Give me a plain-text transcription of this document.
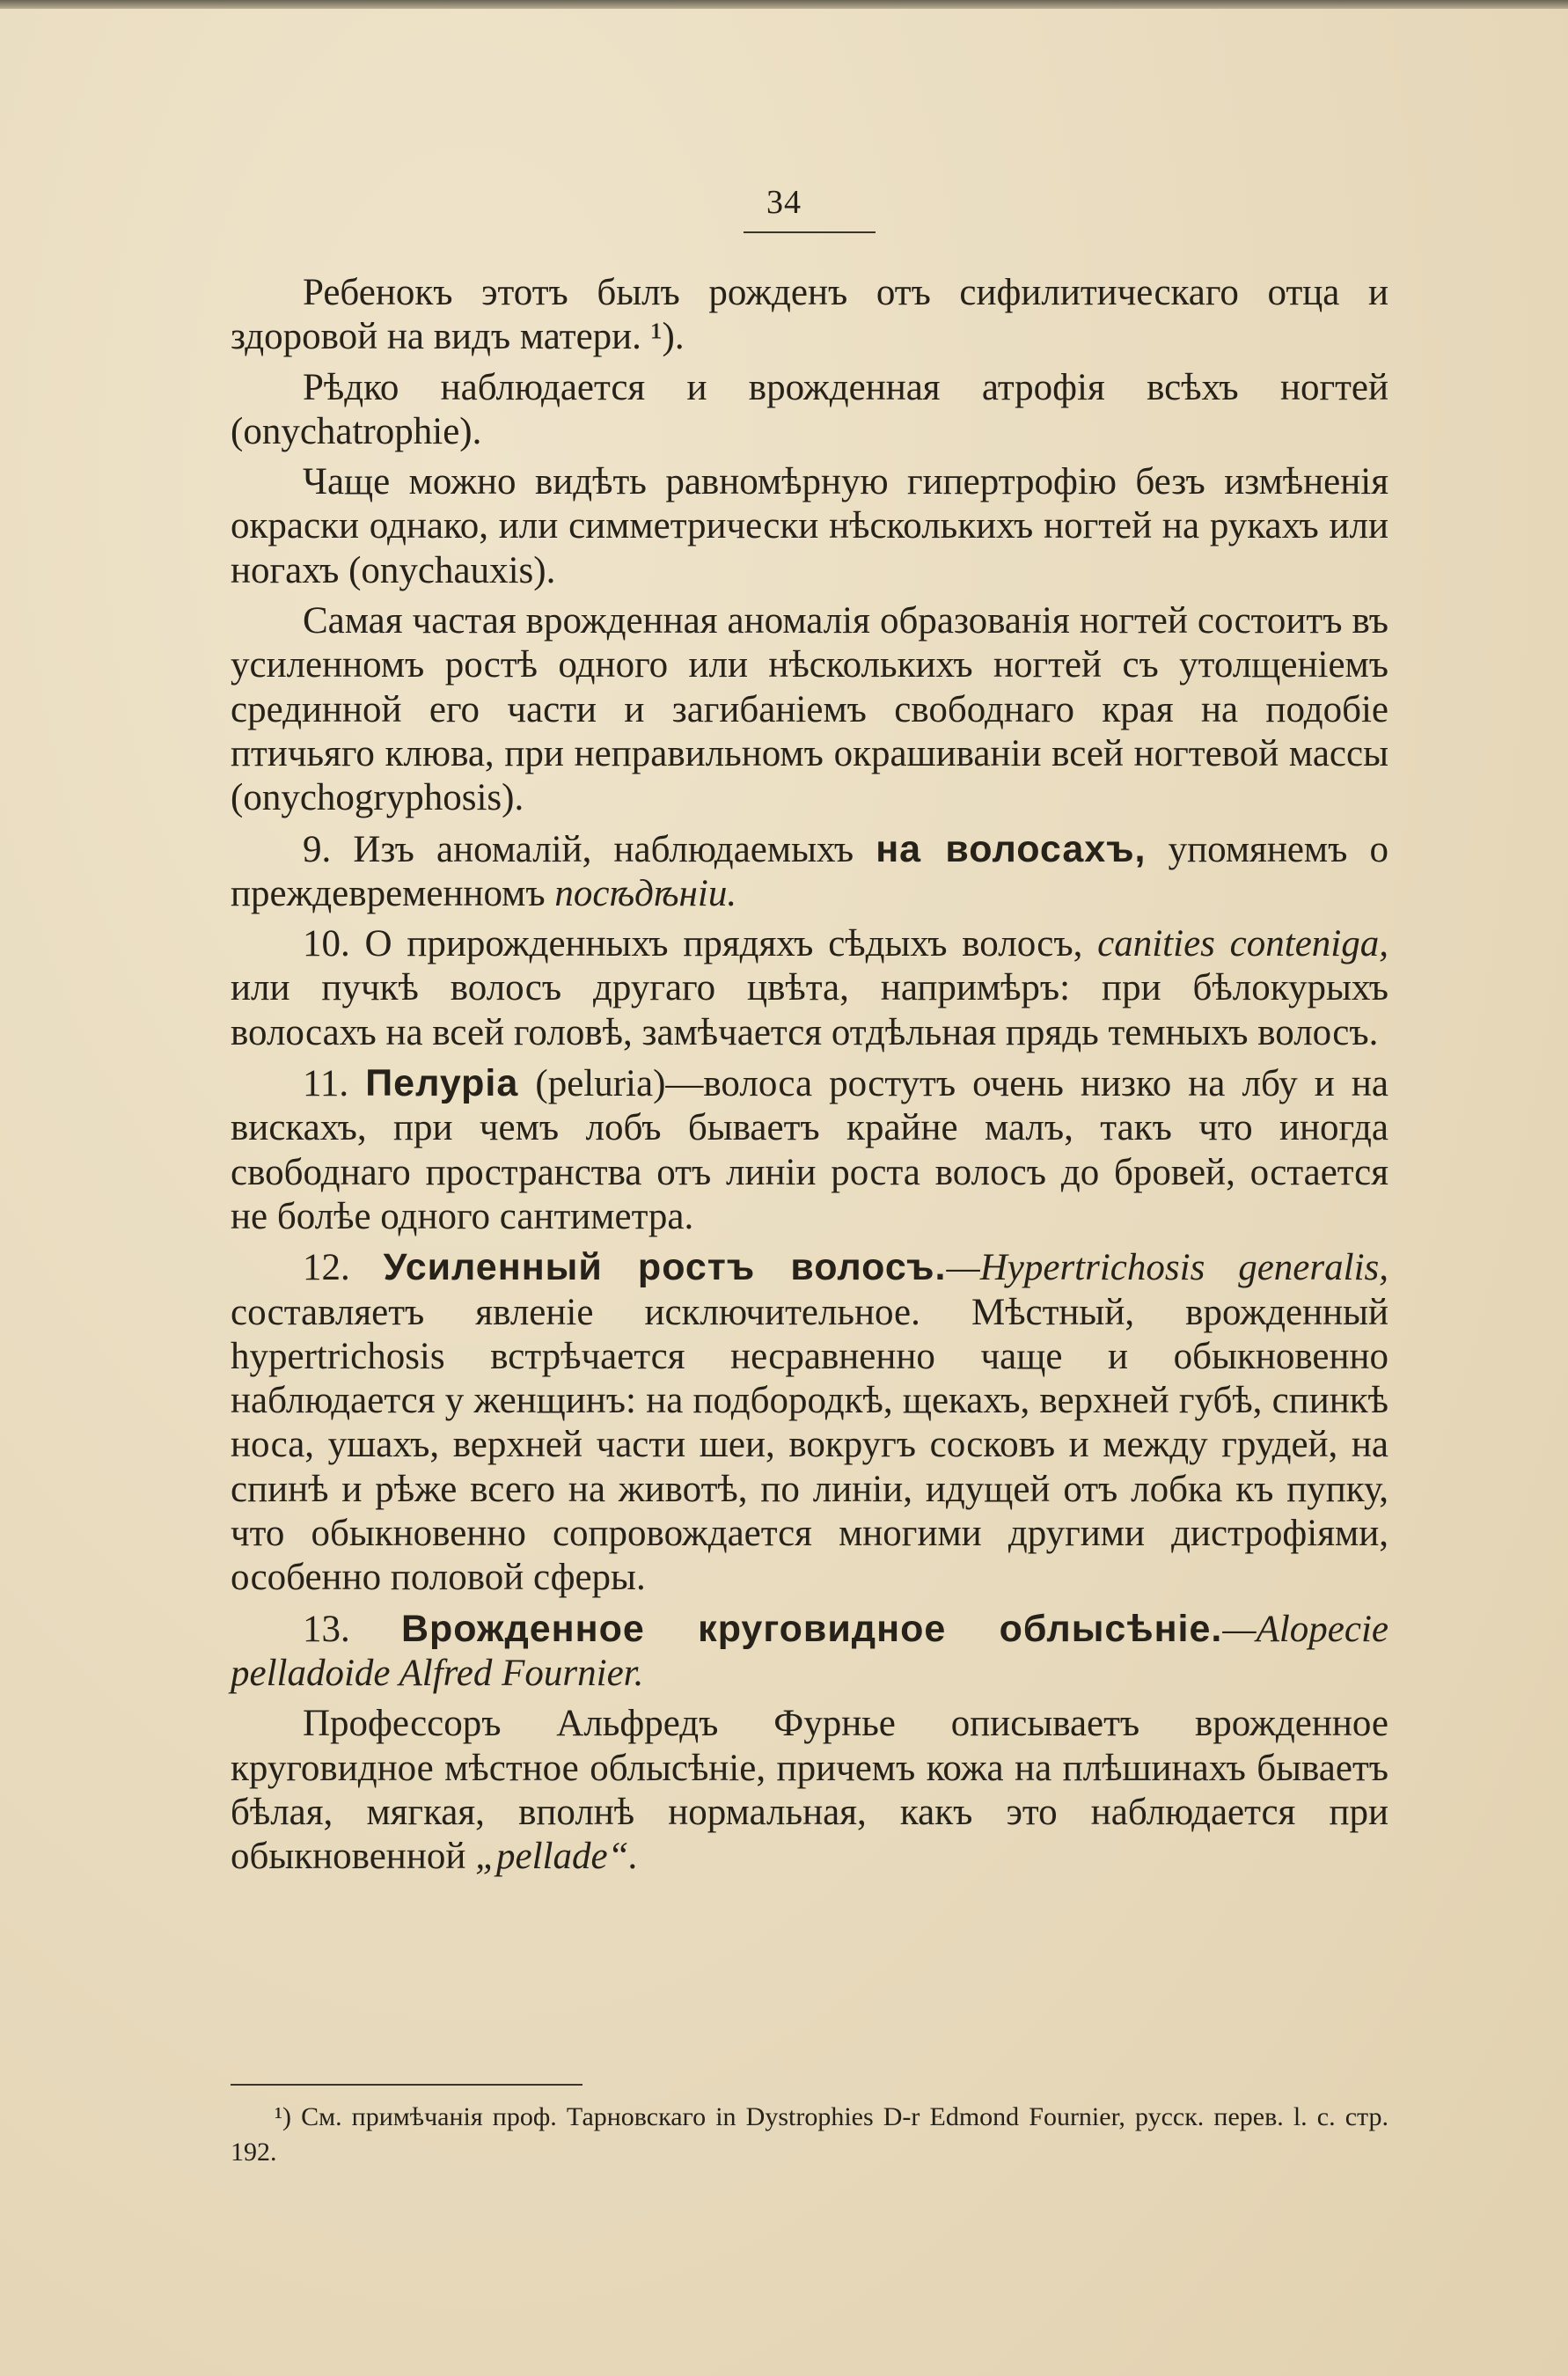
34

Ребенокъ этотъ былъ рожденъ отъ сифилитическаго отца и здоровой на видъ матери. ¹).

Рѣдко наблюдается и врожденная атрофія всѣхъ ногтей (onychatrophie).

Чаще можно видѣть равномѣрную гипертрофію безъ измѣненія окраски однако, или симметрически нѣсколькихъ ногтей на рукахъ или ногахъ (onychauxis).

Самая частая врожденная аномалія образованія ногтей состоитъ въ усиленномъ ростѣ одного или нѣсколькихъ ногтей съ утолщеніемъ срединной его части и загибаніемъ свободнаго края на подобіе птичьяго клюва, при неправильномъ окрашиваніи всей ногтевой массы (onychogryphosis).

9. Изъ аномалій, наблюдаемыхъ на волосахъ, упомянемъ о преждевременномъ посѣдѣніи.

10. О прирожденныхъ прядяхъ сѣдыхъ волосъ, canities contenіga, или пучкѣ волосъ другаго цвѣта, напримѣръ: при бѣлокурыхъ волосахъ на всей головѣ, замѣчается отдѣльная прядь темныхъ волосъ.

11. Пелуріа (pelurіa)—волоса ростутъ очень низко на лбу и на вискахъ, при чемъ лобъ бываетъ крайне малъ, такъ что иногда свободнаго пространства отъ линіи роста волосъ до бровей, остается не болѣе одного сантиметра.

12. Усиленный ростъ волосъ.—Hypertrichosis generalis, составляетъ явленіе исключительное. Мѣстный, врожденный hypertrichosis встрѣчается несравненно чаще и обыкновенно наблюдается у женщинъ: на подбородкѣ, щекахъ, верхней губѣ, спинкѣ носа, ушахъ, верхней части шеи, вокругъ сосковъ и между грудей, на спинѣ и рѣже всего на животѣ, по линіи, идущей отъ лобка къ пупку, что обыкновенно сопровождается многими другими дистрофіями, особенно половой сферы.

13. Врожденное круговидное облысѣніе.—Alopecie pelladoide Alfred Fournier.

Профессоръ Альфредъ Фурнье описываетъ врожденное круговидное мѣстное облысѣніе, причемъ кожа на плѣшинахъ бываетъ бѣлая, мягкая, вполнѣ нормальная, какъ это наблюдается при обыкновенной „pellade“.

¹) См. примѣчанія проф. Тарновскаго in Dystrophies D-r Edmond Fournier, русск. перев. l. c. стр. 192.
